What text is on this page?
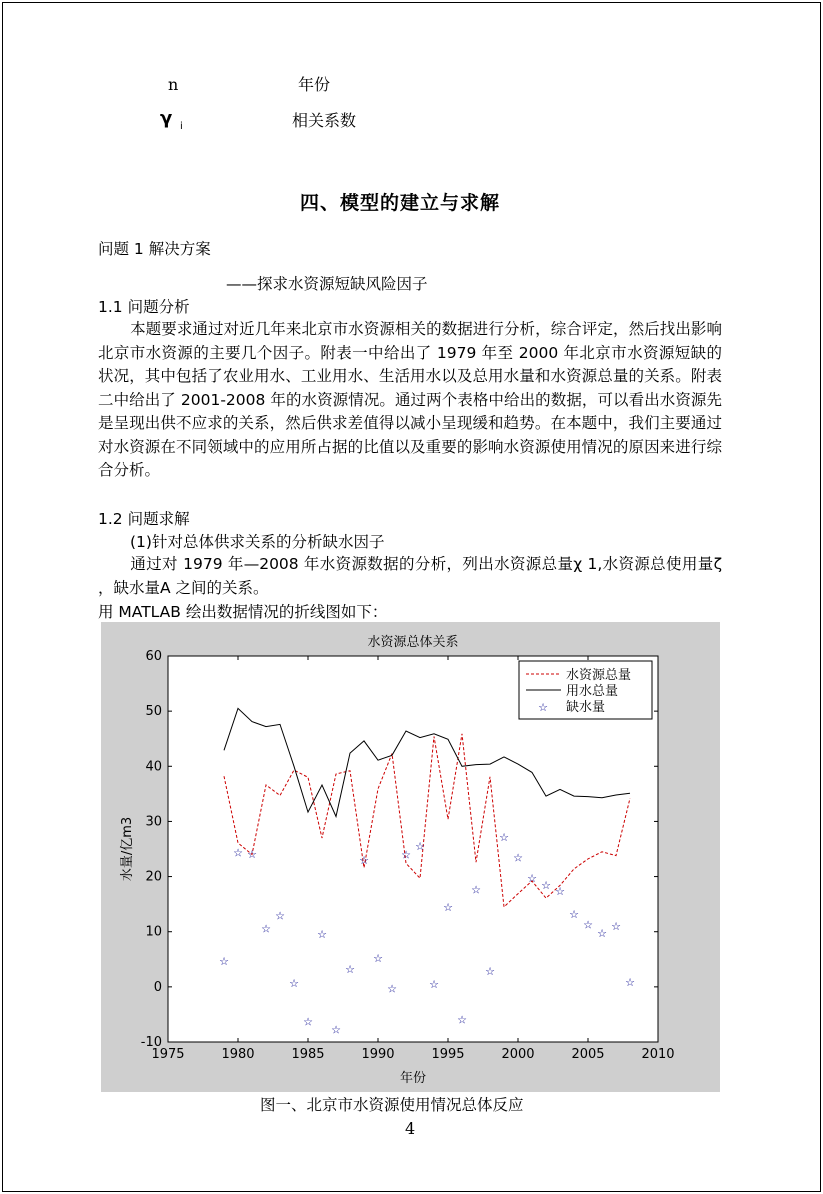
n	年份
γ i	相关系数
四、模型的建立与求解
问题 1 解决方案
——探求水资源短缺风险因子
1.1 问题分析
本题要求通过对近几年来北京市水资源相关的数据进行分析，综合评定，然后找出影响北京市水资源的主要几个因子。附表一中给出了 1979 年至 2000 年北京市水资源短缺的状况，其中包括了农业用水、工业用水、生活用水以及总用水量和水资源总量的关系。附表二中给出了 2001-2008 年的水资源情况。通过两个表格中给出的数据，可以看出水资源先是呈现出供不应求的关系，然后供求差值得以减小呈现缓和趋势。在本题中，我们主要通过对水资源在不同领域中的应用所占据的比值以及重要的影响水资源使用情况的原因来进行综合分析。
1.2 问题求解
(1)针对总体供求关系的分析缺水因子
通过对 1979 年—2008 年水资源数据的分析，列出水资源总量χ 1,水资源总使用量ζ ，缺水量A 之间的关系。
用 MATLAB 绘出数据情况的折线图如下：
水资源总体关系
1975	1980	1985	1990	1995	2000	2005	2010
-10
0
10
20
30
40
50
60
☆
☆ ☆
☆
☆
☆
☆
☆
☆
☆
☆
☆
☆
☆
☆
☆
☆
☆
☆
☆
☆
☆
☆
☆ ☆
☆
☆
☆
☆
☆
年份
水量/亿m3
水资源总量
用水总量
☆ 缺水量
图一、北京市水资源使用情况总体反应
4
